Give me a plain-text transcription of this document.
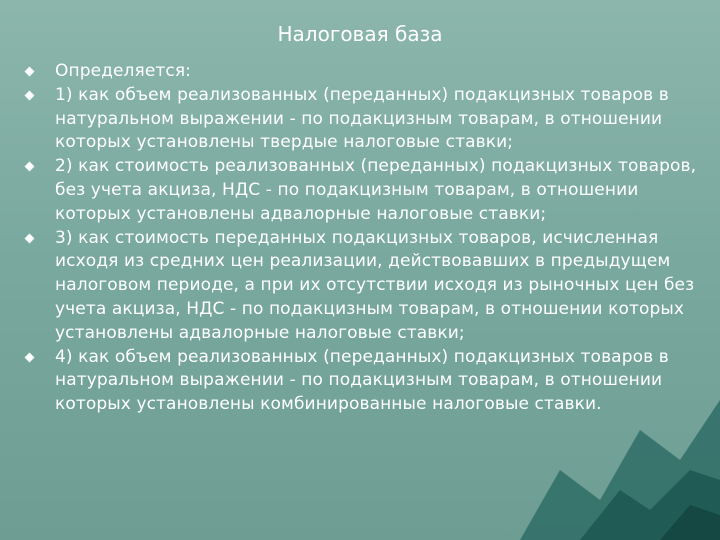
Налоговая база
Определяется:
1) как объем реализованных (переданных) подакцизных товаров в натуральном выражении - по подакцизным товарам, в отношении которых установлены твердые налоговые ставки;
2) как стоимость реализованных (переданных) подакцизных товаров, без учета акциза, НДС - по подакцизным товарам, в отношении которых установлены адвалорные налоговые ставки;
3) как стоимость переданных подакцизных товаров, исчисленная исходя из средних цен реализации, действовавших в предыдущем налоговом периоде, а при их отсутствии исходя из рыночных цен без учета акциза, НДС - по подакцизным товарам, в отношении которых установлены адвалорные налоговые ставки;
4) как объем реализованных (переданных) подакцизных товаров в натуральном выражении - по подакцизным товарам, в отношении которых установлены комбинированные налоговые ставки.
